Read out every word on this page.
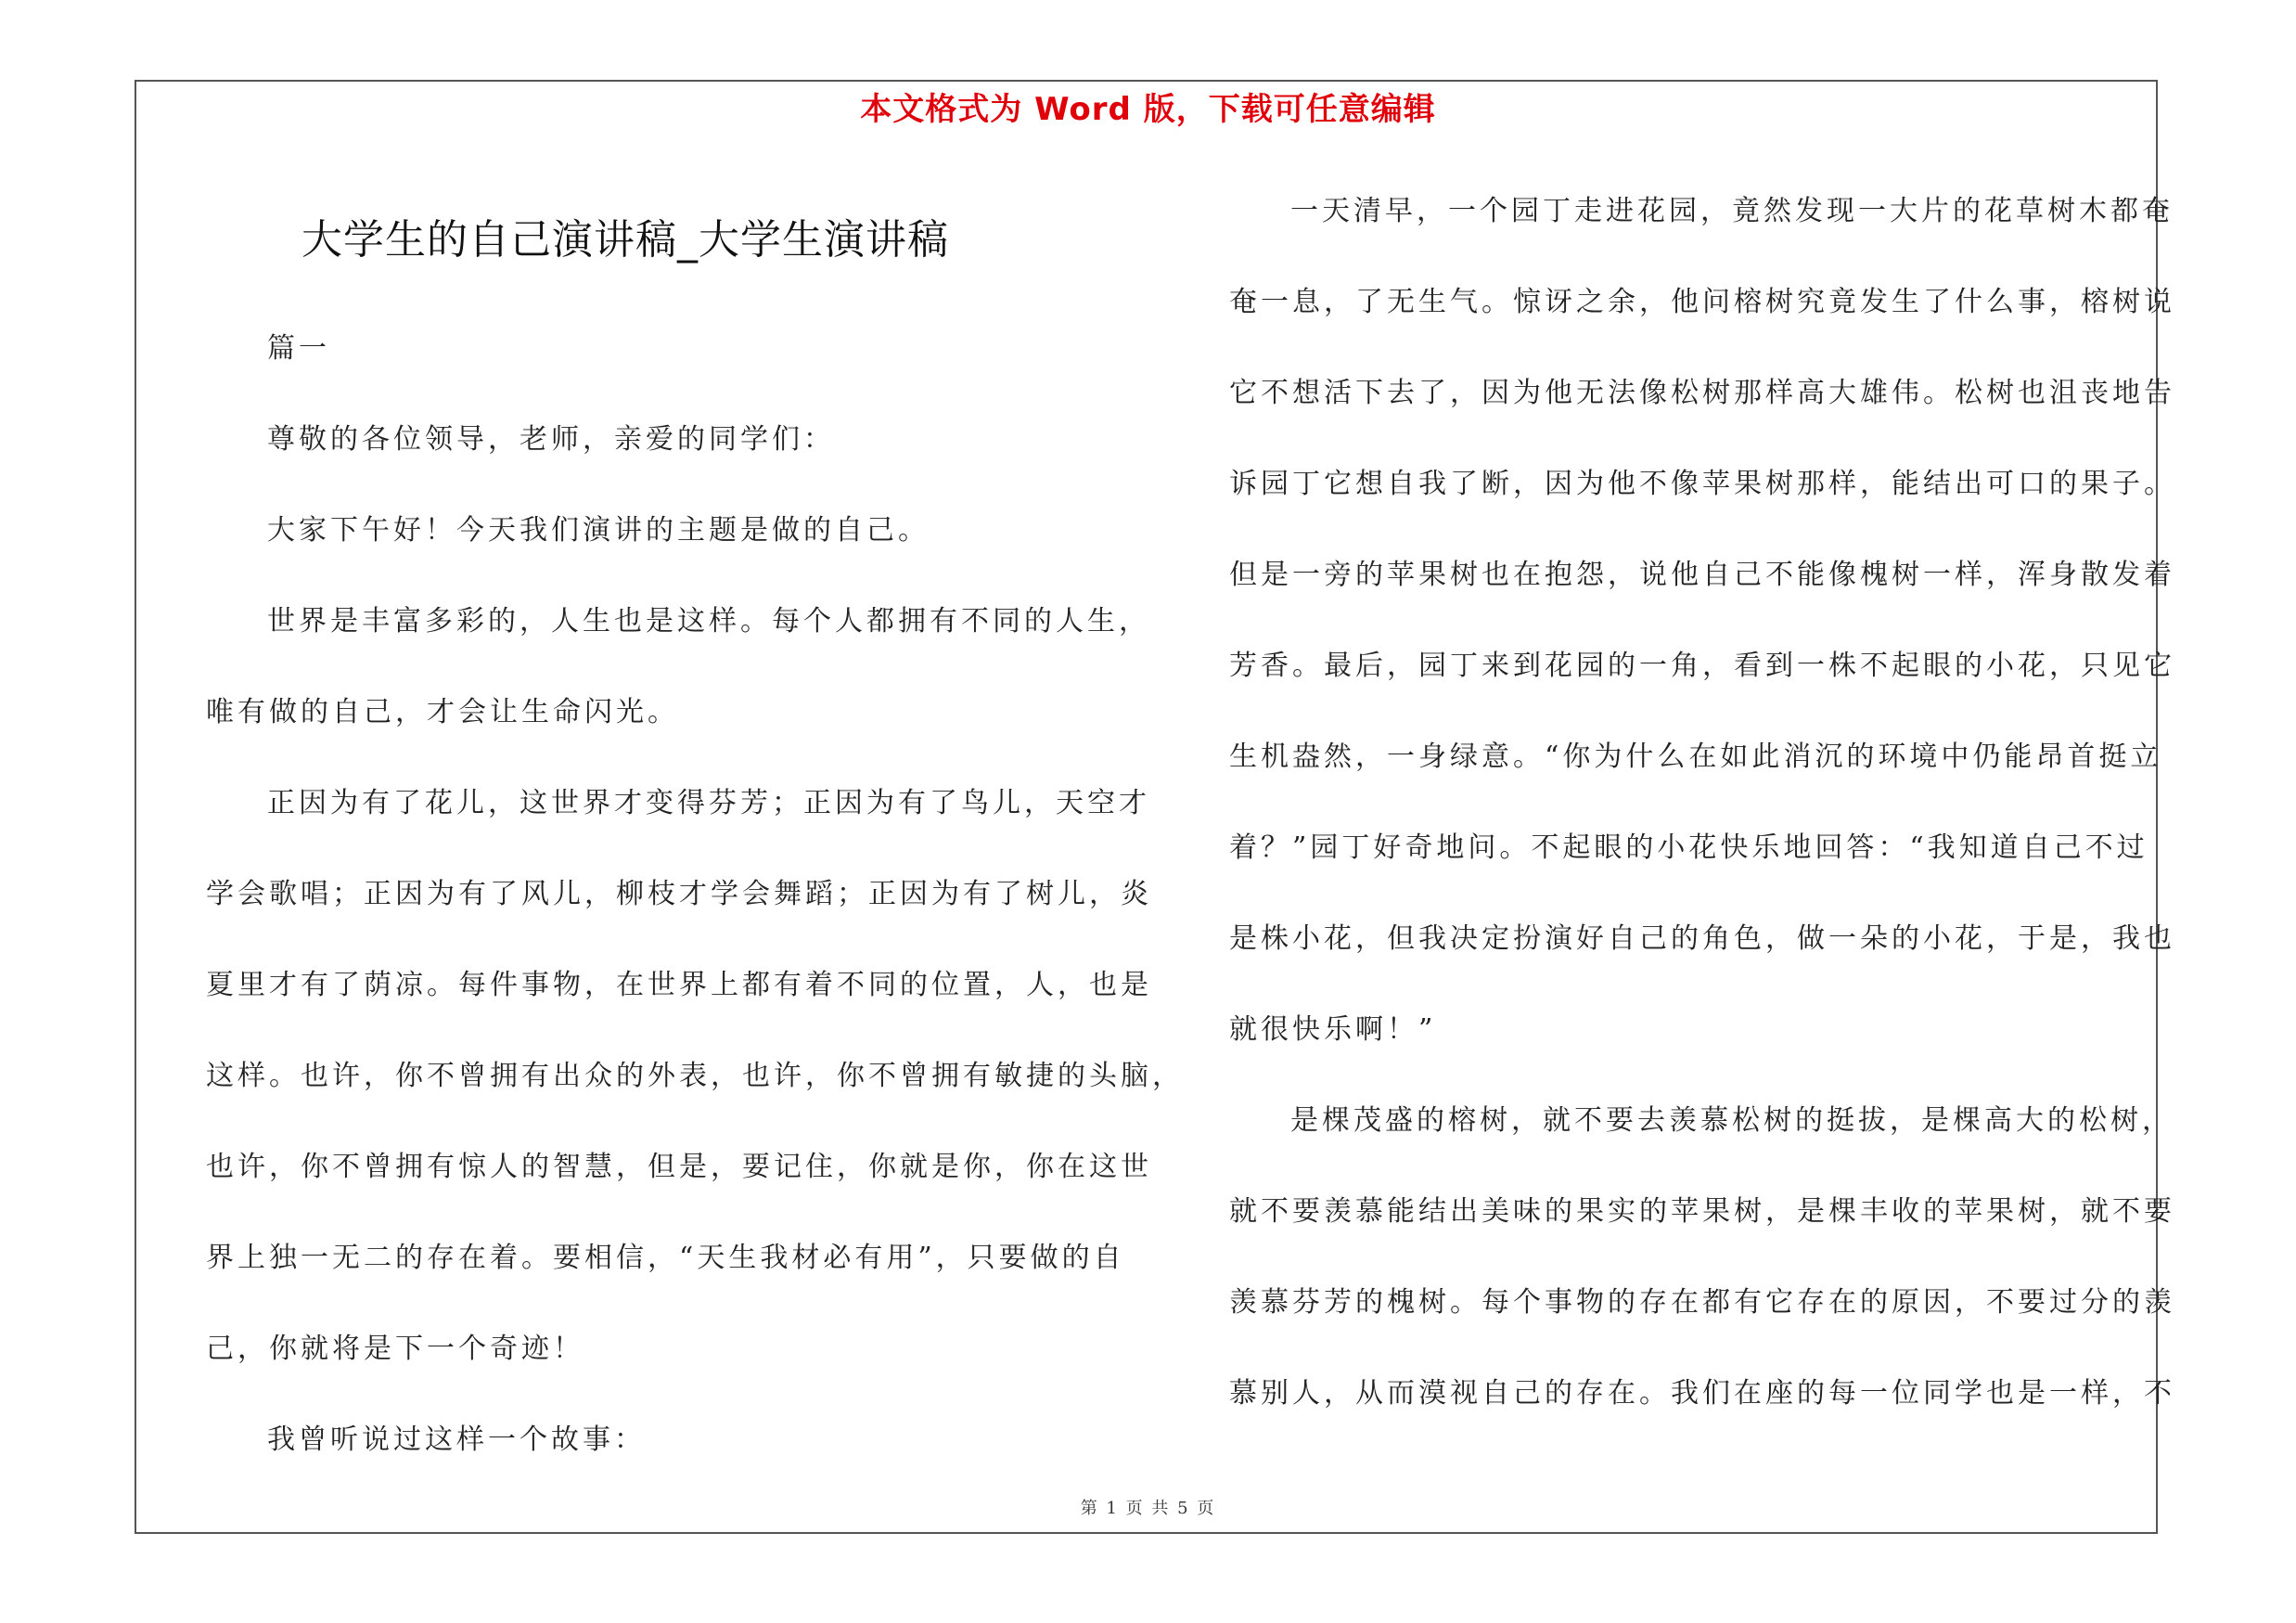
本文格式为 Word 版，下载可任意编辑
大学生的自己演讲稿_大学生演讲稿
篇一
尊敬的各位领导，老师，亲爱的同学们：
大家下午好！今天我们演讲的主题是做的自己。
世界是丰富多彩的，人生也是这样。每个人都拥有不同的人生，
唯有做的自己，才会让生命闪光。
正因为有了花儿，这世界才变得芬芳；正因为有了鸟儿，天空才
学会歌唱；正因为有了风儿，柳枝才学会舞蹈；正因为有了树儿，炎
夏里才有了荫凉。每件事物，在世界上都有着不同的位置，人，也是
这样。也许，你不曾拥有出众的外表，也许，你不曾拥有敏捷的头脑，
也许，你不曾拥有惊人的智慧，但是，要记住，你就是你，你在这世
界上独一无二的存在着。要相信，“天生我材必有用”，只要做的自
己，你就将是下一个奇迹！
我曾听说过这样一个故事：
一天清早，一个园丁走进花园，竟然发现一大片的花草树木都奄
奄一息，了无生气。惊讶之余，他问榕树究竟发生了什么事，榕树说
它不想活下去了，因为他无法像松树那样高大雄伟。松树也沮丧地告
诉园丁它想自我了断，因为他不像苹果树那样，能结出可口的果子。
但是一旁的苹果树也在抱怨，说他自己不能像槐树一样，浑身散发着
芳香。最后，园丁来到花园的一角，看到一株不起眼的小花，只见它
生机盎然，一身绿意。“你为什么在如此消沉的环境中仍能昂首挺立
着？”园丁好奇地问。不起眼的小花快乐地回答：“我知道自己不过
是株小花，但我决定扮演好自己的角色，做一朵的小花，于是，我也
就很快乐啊！”
是棵茂盛的榕树，就不要去羡慕松树的挺拔，是棵高大的松树，
就不要羡慕能结出美味的果实的苹果树，是棵丰收的苹果树，就不要
羡慕芬芳的槐树。每个事物的存在都有它存在的原因，不要过分的羡
慕别人，从而漠视自己的存在。我们在座的每一位同学也是一样，不
第 1 页 共 5 页
